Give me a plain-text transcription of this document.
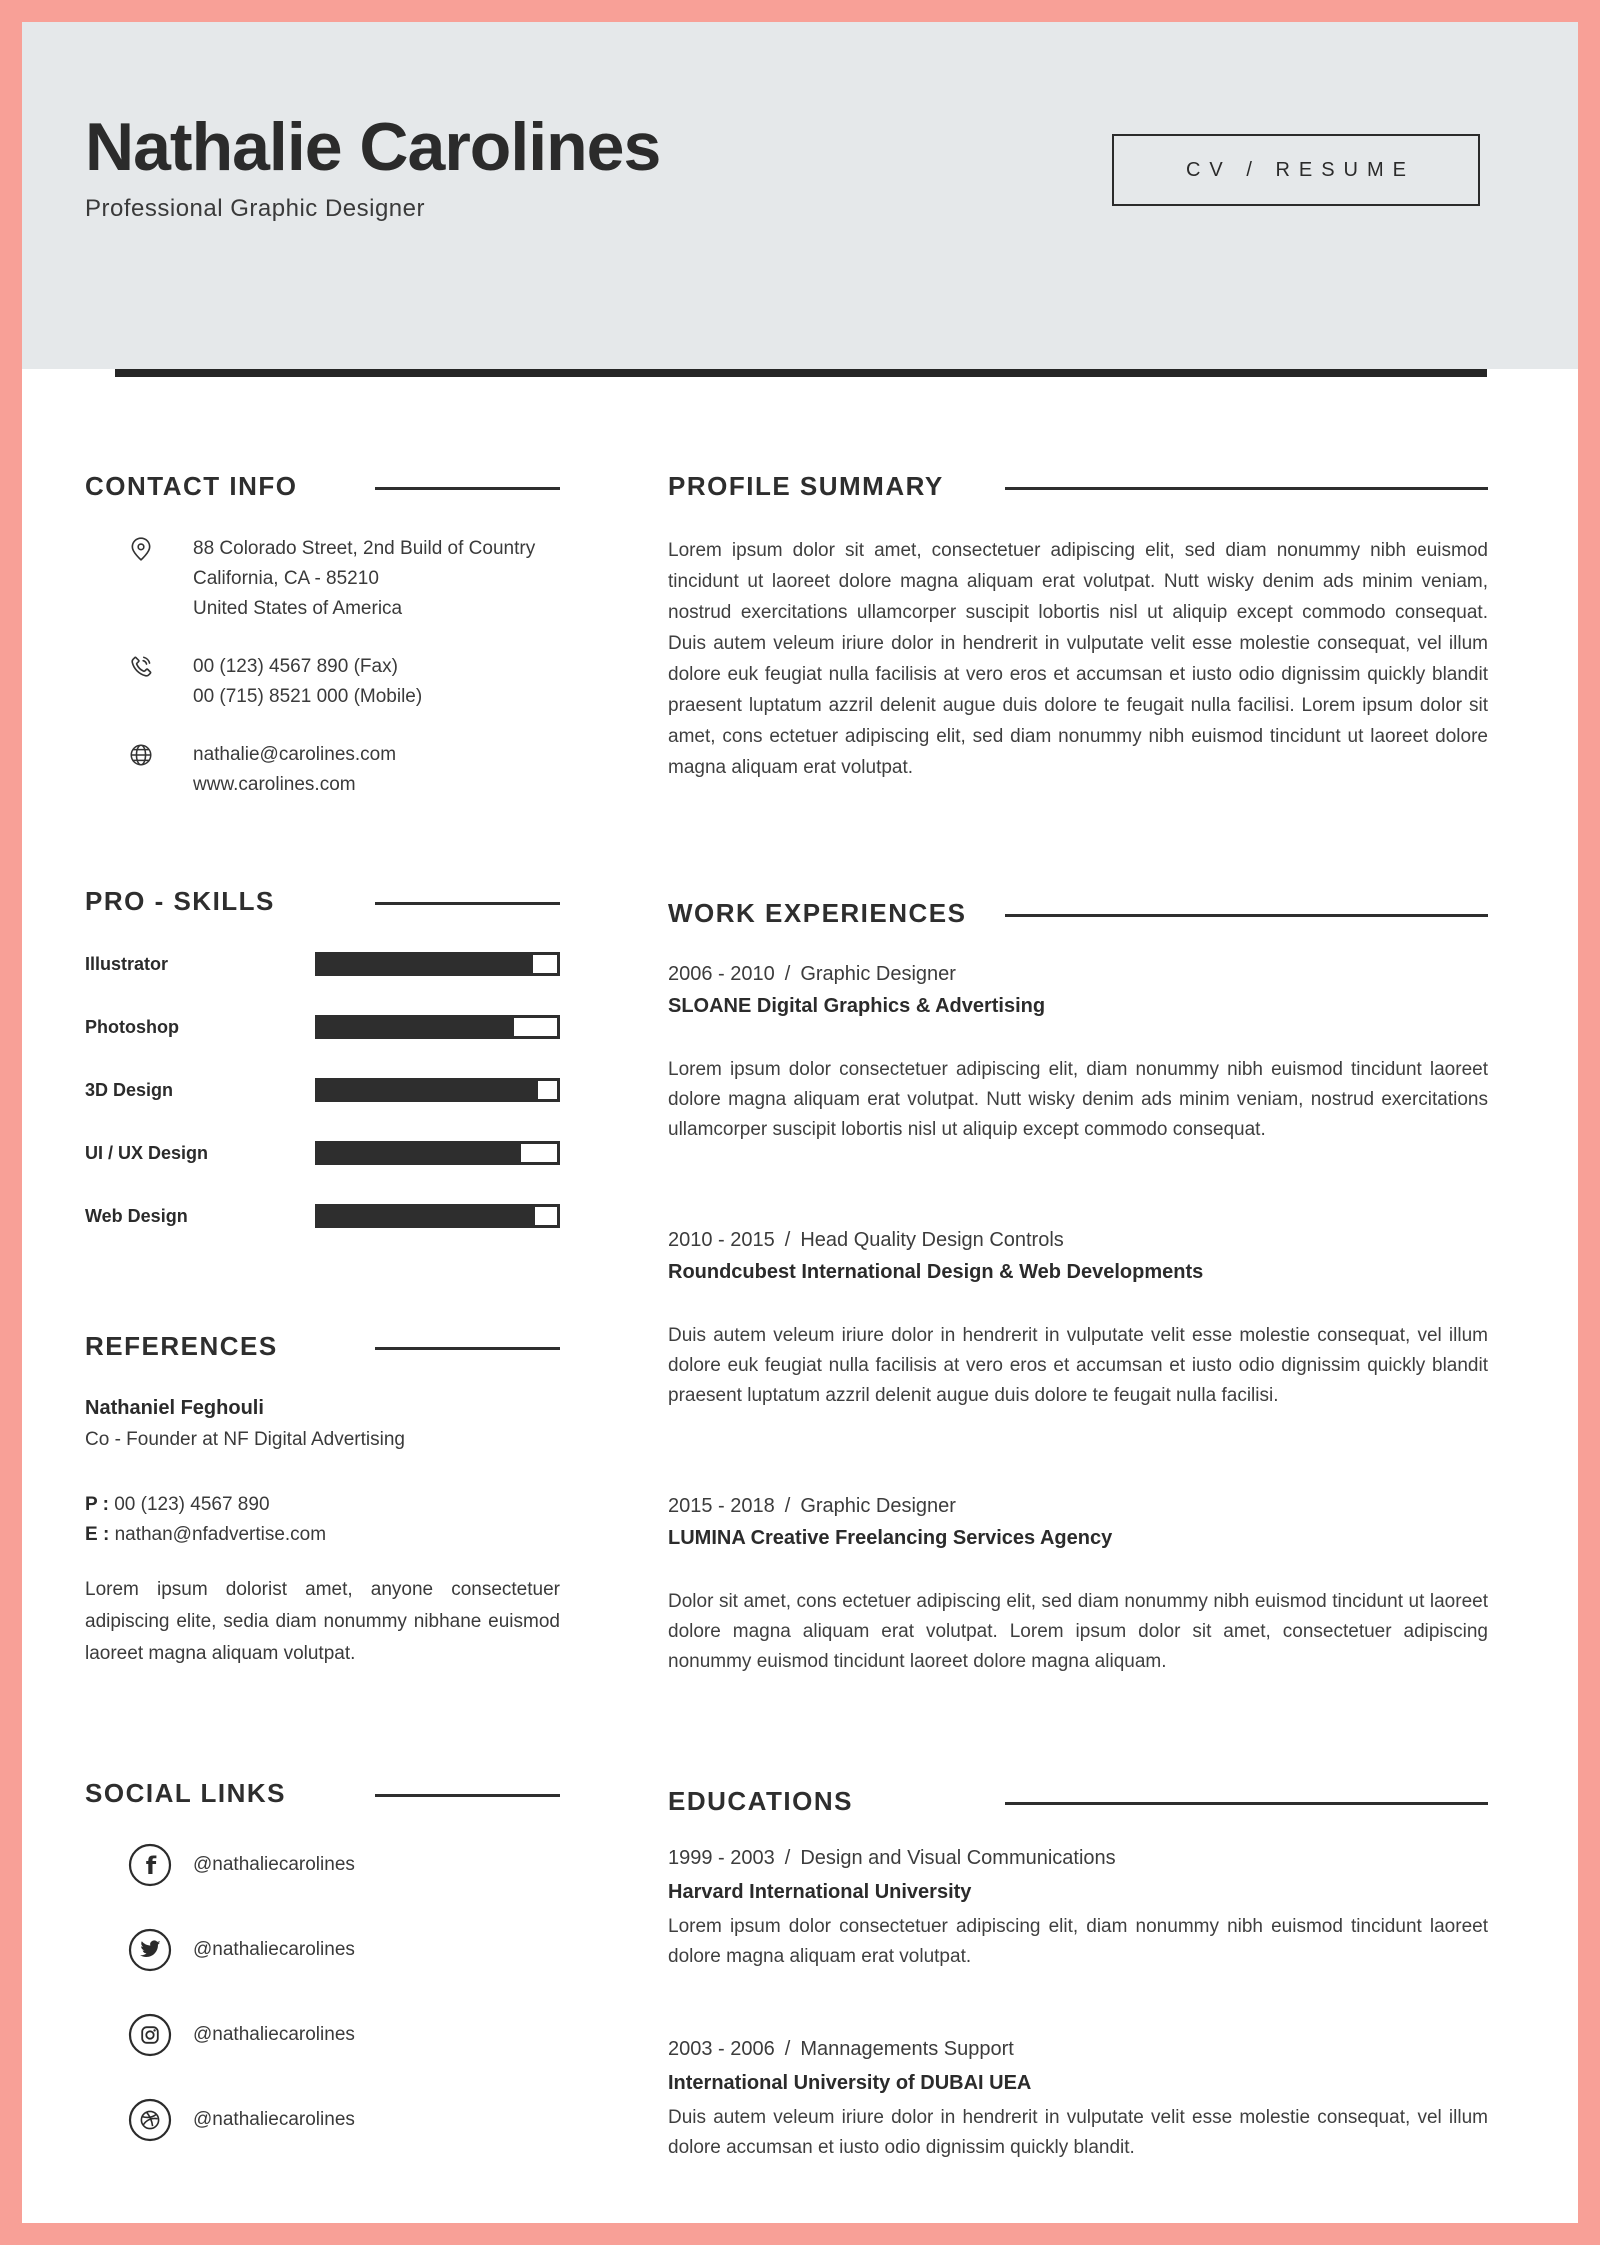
Nathalie Carolines
Professional Graphic Designer
CV / RESUME
CONTACT INFO
88 Colorado Street, 2nd Build of Country
California, CA - 85210
United States of America
00 (123) 4567 890 (Fax)
00 (715) 8521 000 (Mobile)
nathalie@carolines.com
www.carolines.com
PRO - SKILLS
Illustrator
Photoshop
3D Design
UI / UX Design
Web Design
REFERENCES
Nathaniel Feghouli
Co - Founder at NF Digital Advertising
P : 00 (123) 4567 890
E : nathan@nfadvertise.com
Lorem ipsum dolorist amet, anyone consectetuer adipiscing elite, sedia diam nonummy nibhane euismod laoreet magna aliquam volutpat.
SOCIAL LINKS
f @nathaliecarolines
@nathaliecarolines
@nathaliecarolines
@nathaliecarolines
PROFILE SUMMARY
Lorem ipsum dolor sit amet, consectetuer adipiscing elit, sed diam nonummy nibh euismod tincidunt ut laoreet dolore magna aliquam erat volutpat. Nutt wisky denim ads minim veniam, nostrud exercitations ullamcorper suscipit lobortis nisl ut aliquip except commodo consequat. Duis autem veleum iriure dolor in hendrerit in vulputate velit esse molestie consequat, vel illum dolore euk feugiat nulla facilisis at vero eros et accumsan et iusto odio dignissim quickly blandit praesent luptatum azzril delenit augue duis dolore te feugait nulla facilisi. Lorem ipsum dolor sit amet, cons ectetuer adipiscing elit, sed diam nonummy nibh euismod tincidunt ut laoreet dolore magna aliquam erat volutpat.
WORK EXPERIENCES
2006 - 2010 / Graphic Designer
SLOANE Digital Graphics & Advertising
Lorem ipsum dolor consectetuer adipiscing elit, diam nonummy nibh euismod tincidunt laoreet dolore magna aliquam erat volutpat. Nutt wisky denim ads minim veniam, nostrud exercitations ullamcorper suscipit lobortis nisl ut aliquip except commodo consequat.
2010 - 2015 / Head Quality Design Controls
Roundcubest International Design & Web Developments
Duis autem veleum iriure dolor in hendrerit in vulputate velit esse molestie consequat, vel illum dolore euk feugiat nulla facilisis at vero eros et accumsan et iusto odio dignissim quickly blandit praesent luptatum azzril delenit augue duis dolore te feugait nulla facilisi.
2015 - 2018 / Graphic Designer
LUMINA Creative Freelancing Services Agency
Dolor sit amet, cons ectetuer adipiscing elit, sed diam nonummy nibh euismod tincidunt ut laoreet dolore magna aliquam erat volutpat. Lorem ipsum dolor sit amet, consectetuer adipiscing nonummy euismod tincidunt laoreet dolore magna aliquam.
EDUCATIONS
1999 - 2003 / Design and Visual Communications
Harvard International University
Lorem ipsum dolor consectetuer adipiscing elit, diam nonummy nibh euismod tincidunt laoreet dolore magna aliquam erat volutpat.
2003 - 2006 / Mannagements Support
International University of DUBAI UEA
Duis autem veleum iriure dolor in hendrerit in vulputate velit esse molestie consequat, vel illum dolore accumsan et iusto odio dignissim quickly blandit.
